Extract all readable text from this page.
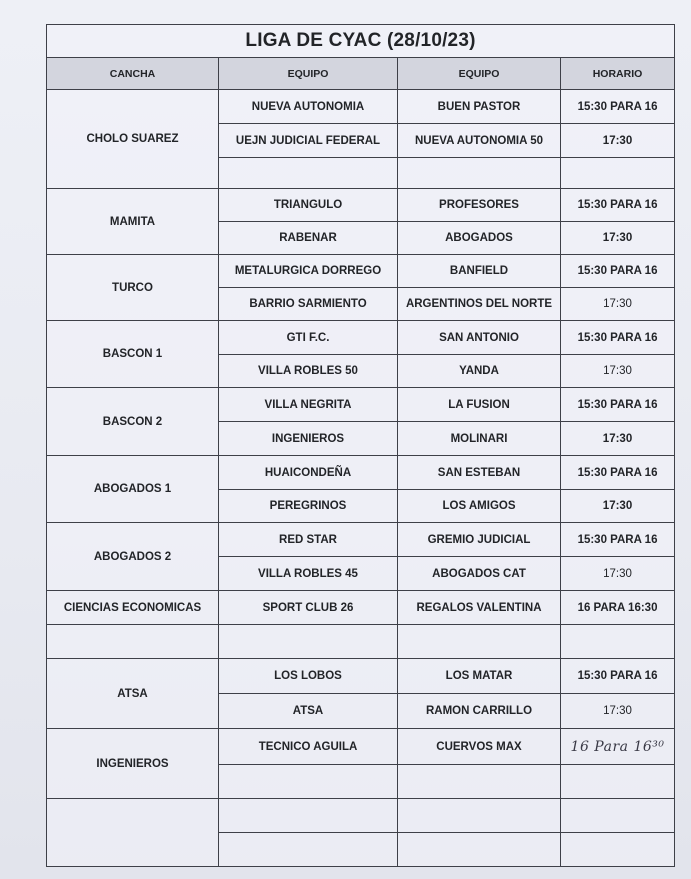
LIGA DE CYAC (28/10/23)			
CANCHA	EQUIPO	EQUIPO	HORARIO
CHOLO SUAREZ	NUEVA AUTONOMIA	BUEN PASTOR	15:30 PARA 16
	UEJN JUDICIAL FEDERAL	NUEVA AUTONOMIA 50	17:30

MAMITA	TRIANGULO	PROFESORES	15:30 PARA 16
	RABENAR	ABOGADOS	17:30
TURCO	METALURGICA DORREGO	BANFIELD	15:30 PARA 16
	BARRIO SARMIENTO	ARGENTINOS DEL NORTE	17:30
BASCON 1	GTI F.C.	SAN ANTONIO	15:30 PARA 16
	VILLA ROBLES 50	YANDA	17:30
BASCON 2	VILLA NEGRITA	LA FUSION	15:30 PARA 16
	INGENIEROS	MOLINARI	17:30
ABOGADOS 1	HUAICONDEÑA	SAN ESTEBAN	15:30 PARA 16
	PEREGRINOS	LOS AMIGOS	17:30
ABOGADOS 2	RED STAR	GREMIO JUDICIAL	15:30 PARA 16
	VILLA ROBLES 45	ABOGADOS CAT	17:30
CIENCIAS ECONOMICAS	SPORT CLUB 26	REGALOS VALENTINA	16 PARA 16:30

ATSA	LOS LOBOS	LOS MATAR	15:30 PARA 16
	ATSA	RAMON CARRILLO	17:30
INGENIEROS	TECNICO AGUILA	CUERVOS MAX	16 Para 16³⁰
